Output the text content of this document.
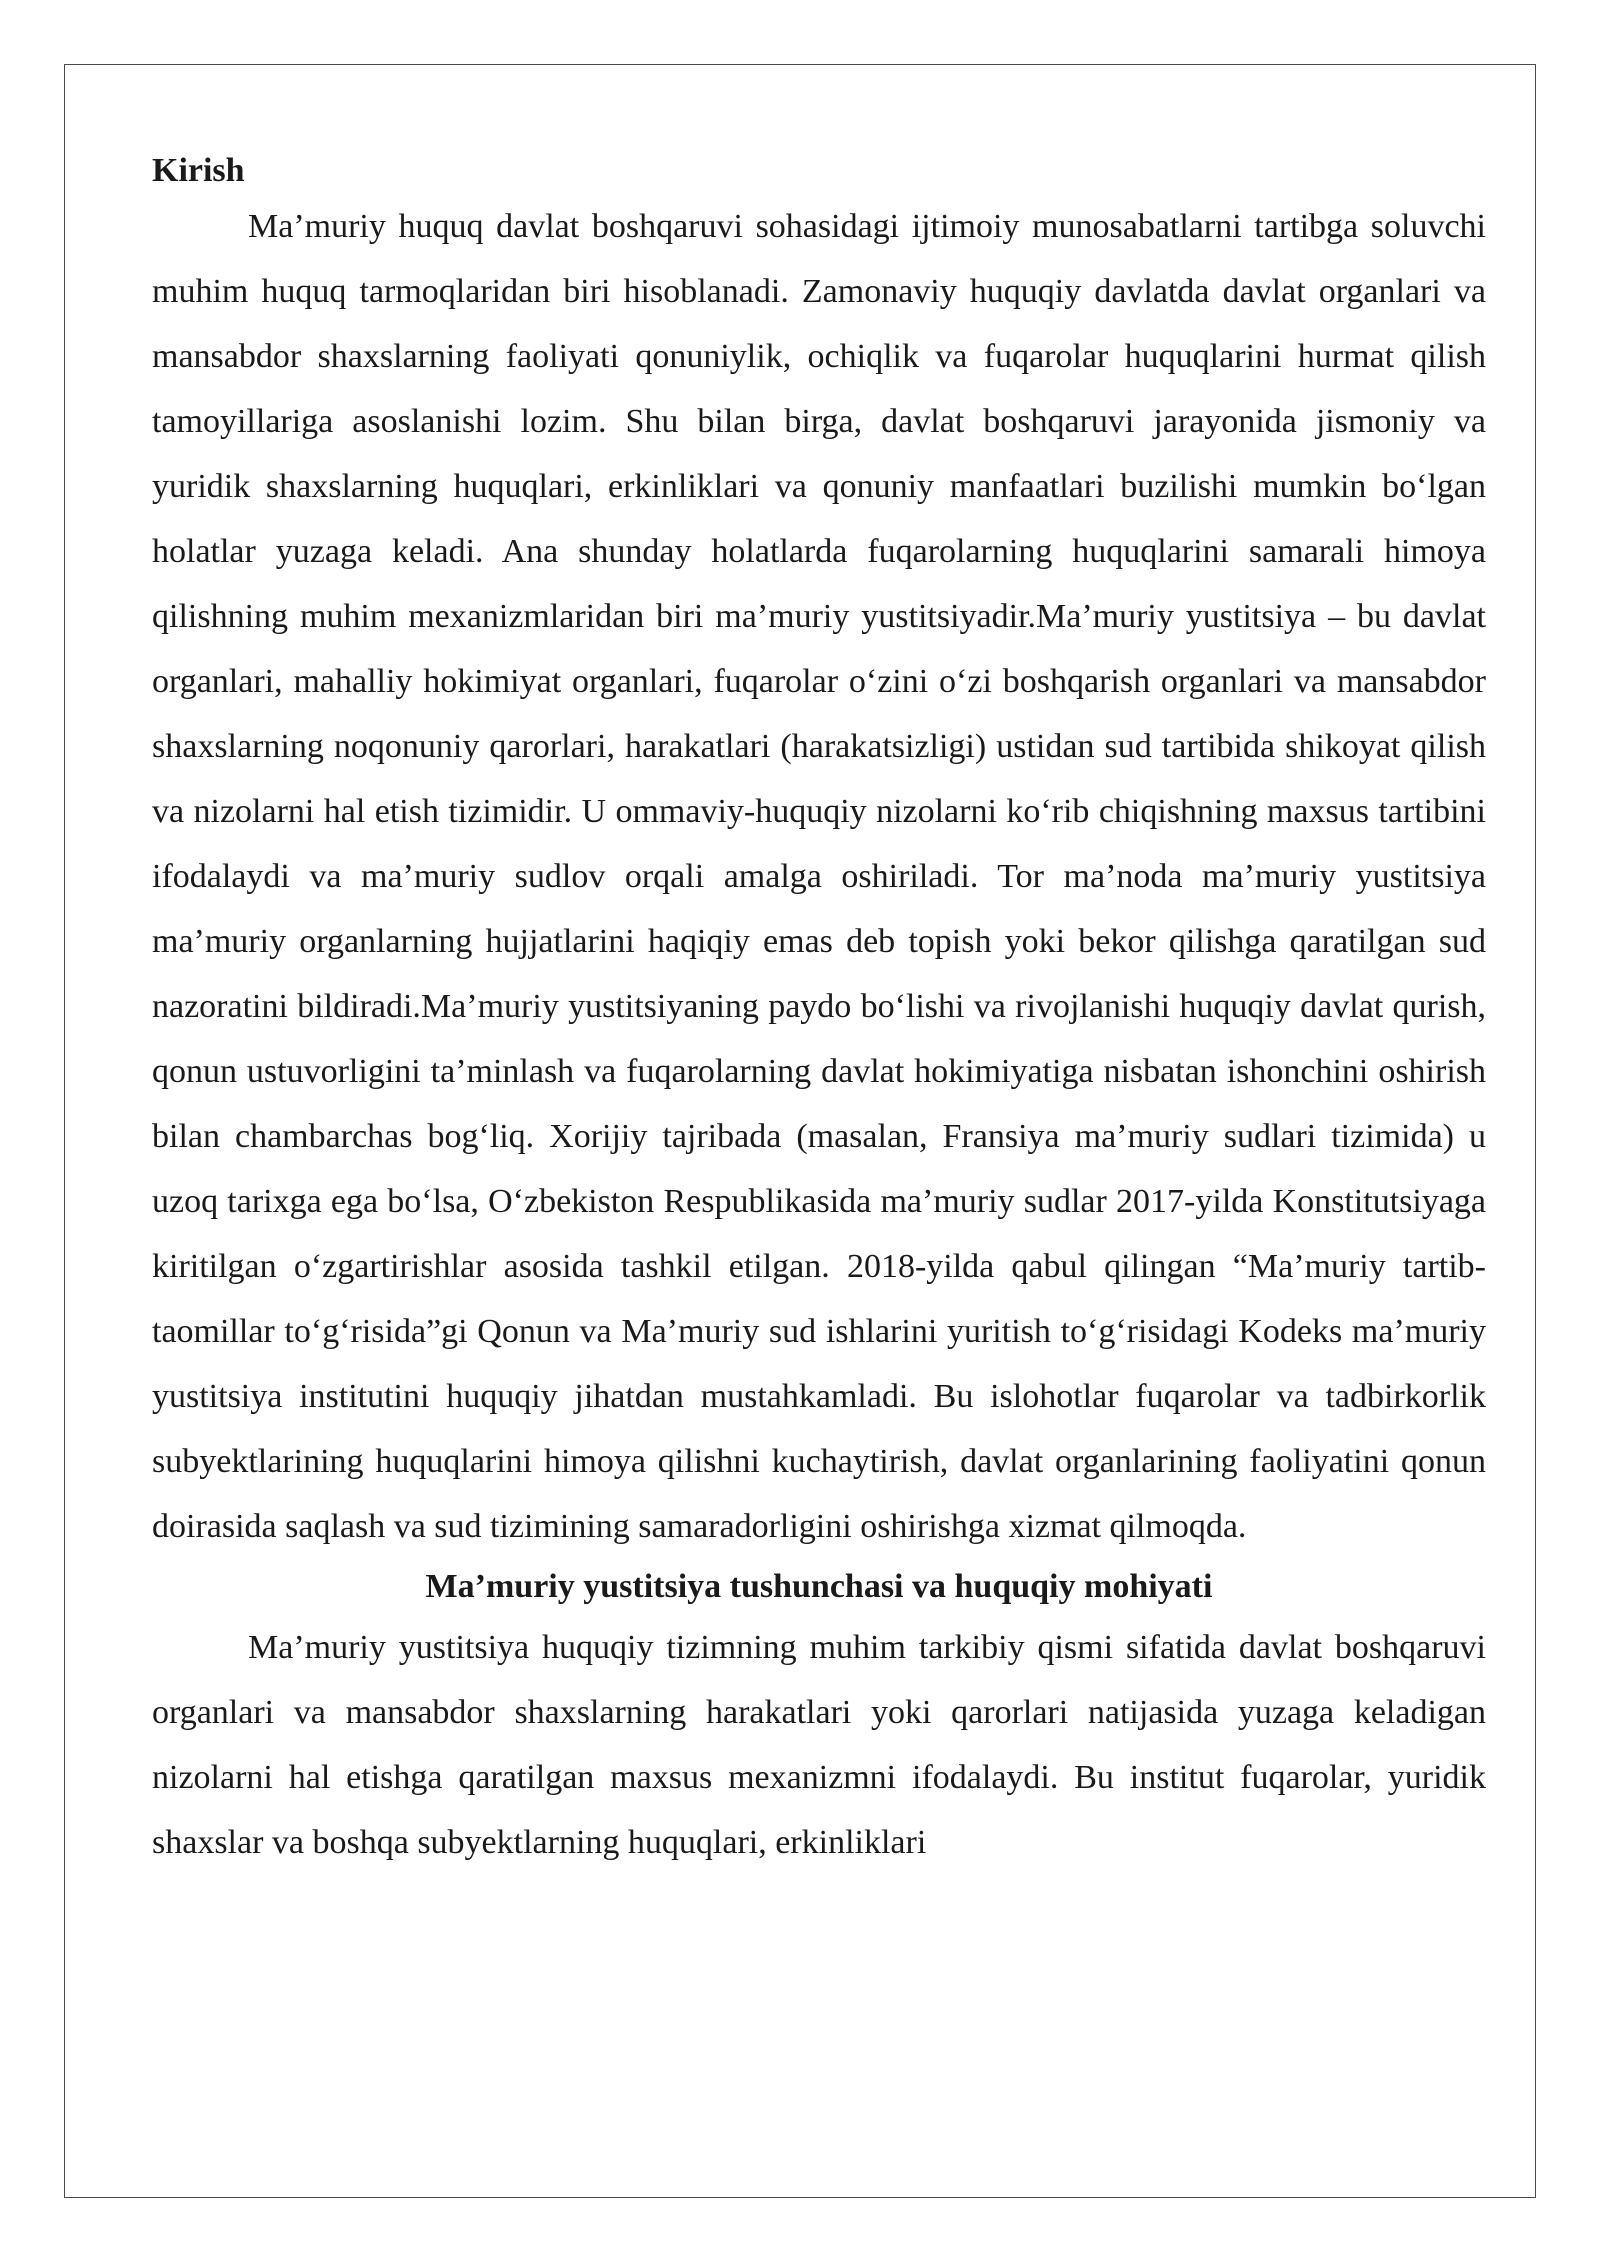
Kirish

Ma’muriy huquq davlat boshqaruvi sohasidagi ijtimoiy munosabatlarni tartibga soluvchi muhim huquq tarmoqlaridan biri hisoblanadi. Zamonaviy huquqiy davlatda davlat organlari va mansabdor shaxslarning faoliyati qonuniylik, ochiqlik va fuqarolar huquqlarini hurmat qilish tamoyillariga asoslanishi lozim. Shu bilan birga, davlat boshqaruvi jarayonida jismoniy va yuridik shaxslarning huquqlari, erkinliklari va qonuniy manfaatlari buzilishi mumkin bo‘lgan holatlar yuzaga keladi. Ana shunday holatlarda fuqarolarning huquqlarini samarali himoya qilishning muhim mexanizmlaridan biri ma’muriy yustitsiyadir.Ma’muriy yustitsiya – bu davlat organlari, mahalliy hokimiyat organlari, fuqarolar o‘zini o‘zi boshqarish organlari va mansabdor shaxslarning noqonuniy qarorlari, harakatlari (harakatsizligi) ustidan sud tartibida shikoyat qilish va nizolarni hal etish tizimidir. U ommaviy-huquqiy nizolarni ko‘rib chiqishning maxsus tartibini ifodalaydi va ma’muriy sudlov orqali amalga oshiriladi. Tor ma’noda ma’muriy yustitsiya ma’muriy organlarning hujjatlarini haqiqiy emas deb topish yoki bekor qilishga qaratilgan sud nazoratini bildiradi.Ma’muriy yustitsiyaning paydo bo‘lishi va rivojlanishi huquqiy davlat qurish, qonun ustuvorligini ta’minlash va fuqarolarning davlat hokimiyatiga nisbatan ishonchini oshirish bilan chambarchas bog‘liq. Xorijiy tajribada (masalan, Fransiya ma’muriy sudlari tizimida) u uzoq tarixga ega bo‘lsa, O‘zbekiston Respublikasida ma’muriy sudlar 2017-yilda Konstitutsiyaga kiritilgan o‘zgartirishlar asosida tashkil etilgan. 2018-yilda qabul qilingan “Ma’muriy tartib-taomillar to‘g‘risida”gi Qonun va Ma’muriy sud ishlarini yuritish to‘g‘risidagi Kodeks ma’muriy yustitsiya institutini huquqiy jihatdan mustahkamladi. Bu islohotlar fuqarolar va tadbirkorlik subyektlarining huquqlarini himoya qilishni kuchaytirish, davlat organlarining faoliyatini qonun doirasida saqlash va sud tizimining samaradorligini oshirishga xizmat qilmoqda.

Ma’muriy yustitsiya tushunchasi va huquqiy mohiyati

Ma’muriy yustitsiya huquqiy tizimning muhim tarkibiy qismi sifatida davlat boshqaruvi organlari va mansabdor shaxslarning harakatlari yoki qarorlari natijasida yuzaga keladigan nizolarni hal etishga qaratilgan maxsus mexanizmni ifodalaydi. Bu institut fuqarolar, yuridik shaxslar va boshqa subyektlarning huquqlari, erkinliklari
